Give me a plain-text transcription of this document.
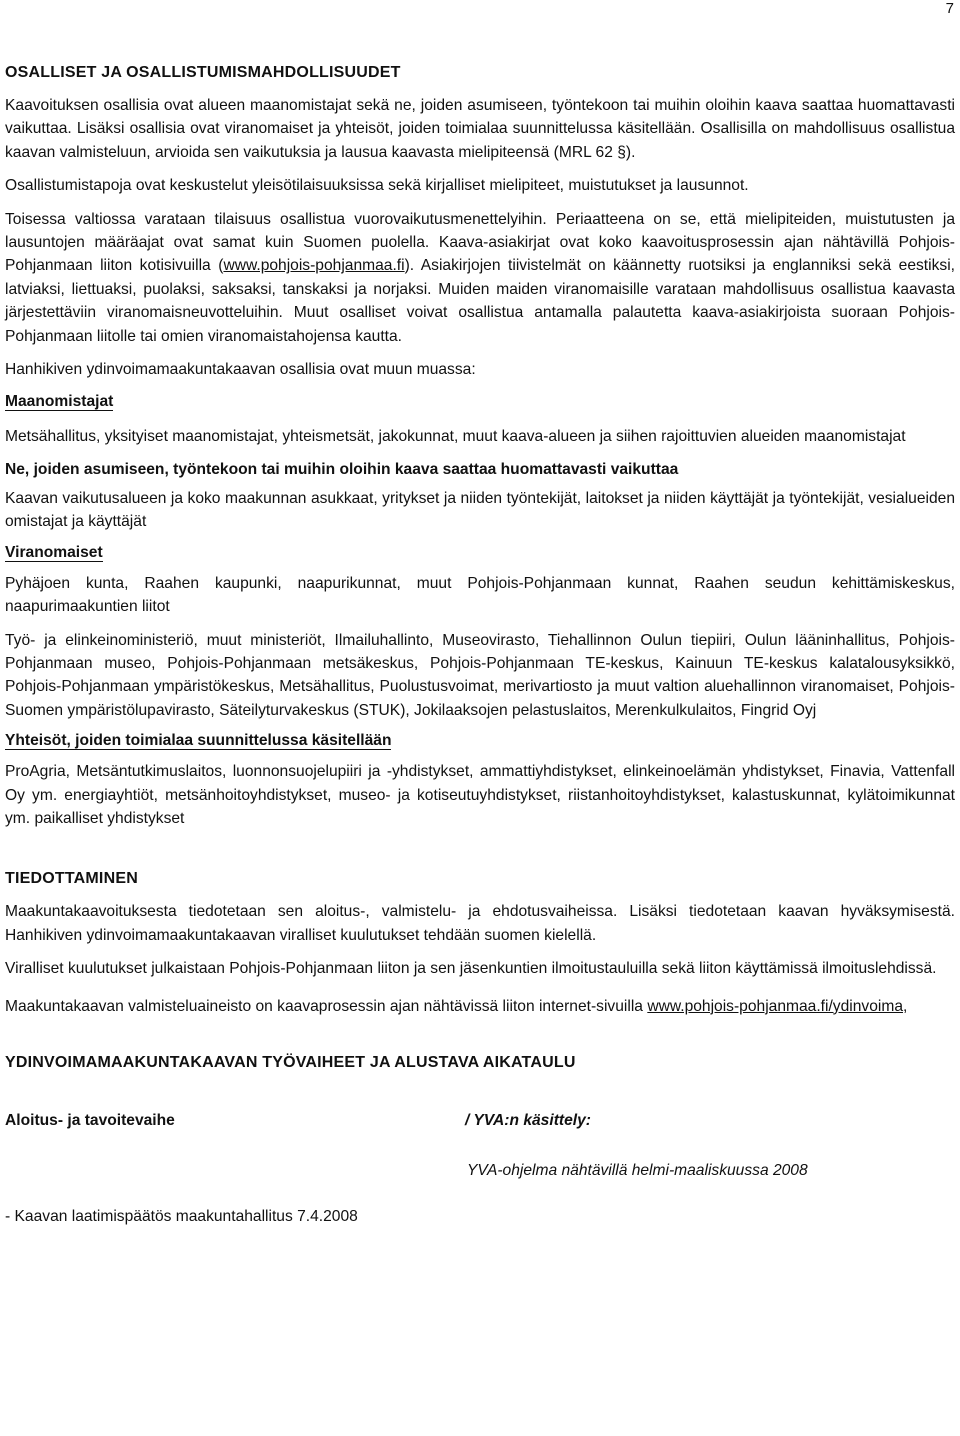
7
OSALLISET JA OSALLISTUMISMAHDOLLISUUDET

Kaavoituksen osallisia ovat alueen maanomistajat sekä ne, joiden asumiseen, työntekoon tai muihin oloihin kaava saattaa huomattavasti vaikuttaa. Lisäksi osallisia ovat viranomaiset ja yhteisöt, joiden toimialaa suunnittelussa käsitellään. Osallisilla on mahdollisuus osallistua kaavan valmisteluun, arvioida sen vaikutuksia ja lausua kaavasta mielipiteensä (MRL 62 §).

Osallistumistapoja ovat keskustelut yleisötilaisuuksissa sekä kirjalliset mielipiteet, muistutukset ja lausunnot.

Toisessa valtiossa varataan tilaisuus osallistua vuorovaikutusmenettelyihin. Periaatteena on se, että mielipiteiden, muistutusten ja lausuntojen määräajat ovat samat kuin Suomen puolella. Kaava-asiakirjat ovat koko kaavoitusprosessin ajan nähtävillä Pohjois-Pohjanmaan liiton kotisivuilla (www.pohjois-pohjanmaa.fi). Asiakirjojen tiivistelmät on käännetty ruotsiksi ja englanniksi sekä eestiksi, latviaksi, liettuaksi, puolaksi, saksaksi, tanskaksi ja norjaksi. Muiden maiden viranomaisille varataan mahdollisuus osallistua kaavasta järjestettäviin viranomaisneuvotteluihin. Muut osalliset voivat osallistua antamalla palautetta kaava-asiakirjoista suoraan Pohjois-Pohjanmaan liitolle tai omien viranomaistahojensa kautta.

Hanhikiven ydinvoimamaakuntakaavan osallisia ovat muun muassa:

Maanomistajat

Metsähallitus, yksityiset maanomistajat, yhteismetsät, jakokunnat, muut kaava-alueen ja siihen rajoittuvien alueiden maanomistajat

Ne, joiden asumiseen, työntekoon tai muihin oloihin kaava saattaa huomattavasti vaikuttaa

Kaavan vaikutusalueen ja koko maakunnan asukkaat, yritykset ja niiden työntekijät, laitokset ja niiden käyttäjät ja työntekijät, vesialueiden omistajat ja käyttäjät

Viranomaiset

Pyhäjoen kunta, Raahen kaupunki, naapurikunnat, muut Pohjois-Pohjanmaan kunnat, Raahen seudun kehittämiskeskus, naapurimaakuntien liitot

Työ- ja elinkeinoministeriö, muut ministeriöt, Ilmailuhallinto, Museovirasto, Tiehallinnon Oulun tiepiiri, Oulun lääninhallitus, Pohjois-Pohjanmaan museo, Pohjois-Pohjanmaan metsäkeskus, Pohjois-Pohjanmaan TE-keskus, Kainuun TE-keskus kalatalousyksikkö, Pohjois-Pohjanmaan ympäristökeskus, Metsähallitus, Puolustusvoimat, merivartiosto ja muut valtion aluehallinnon viranomaiset, Pohjois-Suomen ympäristölupavirasto, Säteilyturvakeskus (STUK), Jokilaaksojen pelastuslaitos, Merenkulkulaitos, Fingrid Oyj

Yhteisöt, joiden toimialaa suunnittelussa käsitellään

ProAgria, Metsäntutkimuslaitos, luonnonsuojelupiiri ja -yhdistykset, ammattiyhdistykset, elinkeinoelämän yhdistykset, Finavia, Vattenfall Oy ym. energiayhtiöt, metsänhoitoyhdistykset, museo- ja kotiseutuyhdistykset, riistanhoitoyhdistykset, kalastuskunnat, kylätoimikunnat ym. paikalliset yhdistykset

TIEDOTTAMINEN

Maakuntakaavoituksesta tiedotetaan sen aloitus-, valmistelu- ja ehdotusvaiheissa. Lisäksi tiedotetaan kaavan hyväksymisestä. Hanhikiven ydinvoimamaakuntakaavan viralliset kuulutukset tehdään suomen kielellä.

Viralliset kuulutukset julkaistaan Pohjois-Pohjanmaan liiton ja sen jäsenkuntien ilmoitustauluilla sekä liiton käyttämissä ilmoituslehdissä.

Maakuntakaavan valmisteluaineisto on kaavaprosessin ajan nähtävissä liiton internet-sivuilla www.pohjois-pohjanmaa.fi/ydinvoima,

YDINVOIMAMAAKUNTAKAAVAN TYÖVAIHEET JA ALUSTAVA AIKATAULU
Aloitus- ja tavoitevaihe	/ YVA:n käsittely:
YVA-ohjelma nähtävillä helmi-maaliskuussa 2008
- Kaavan laatimispäätös maakuntahallitus 7.4.2008
